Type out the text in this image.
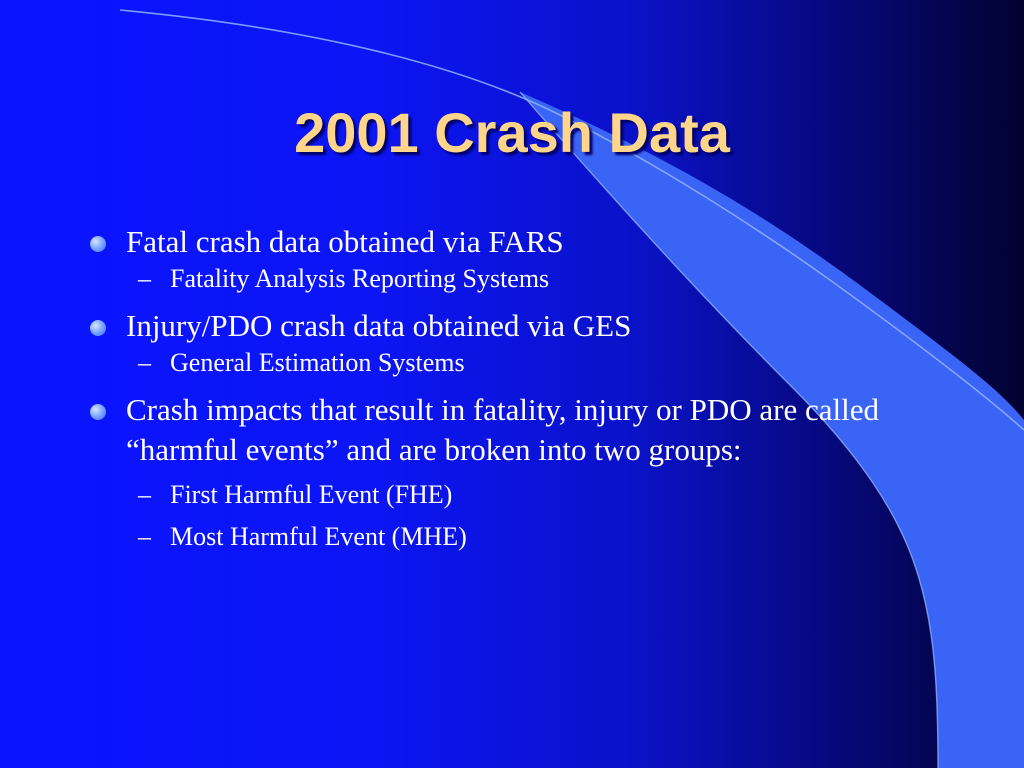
2001 Crash Data
Fatal crash data obtained via FARS
– Fatality Analysis Reporting Systems
Injury/PDO crash data obtained via GES
– General Estimation Systems
Crash impacts that result in fatality, injury or PDO are called “harmful events” and are broken into two groups:
– First Harmful Event (FHE)
– Most Harmful Event (MHE)
